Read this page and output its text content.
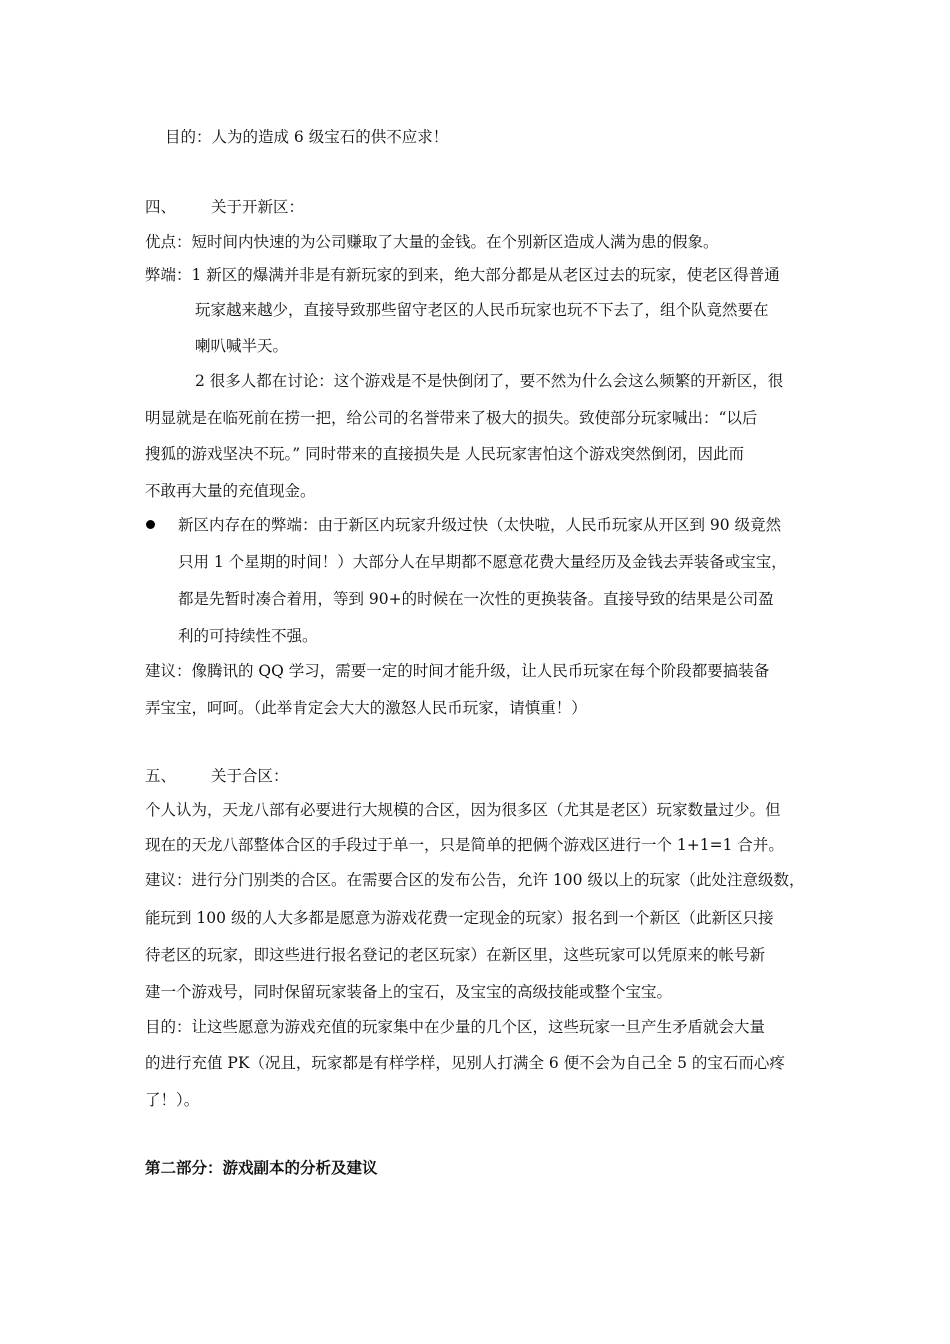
目的：人为的造成 6 级宝石的供不应求！
四、 关于开新区：
优点：短时间内快速的为公司赚取了大量的金钱。在个别新区造成人满为患的假象。
弊端：1 新区的爆满并非是有新玩家的到来，绝大部分都是从老区过去的玩家，使老区得普通
玩家越来越少，直接导致那些留守老区的人民币玩家也玩不下去了，组个队竟然要在
喇叭喊半天。
2 很多人都在讨论：这个游戏是不是快倒闭了，要不然为什么会这么频繁的开新区，很
明显就是在临死前在捞一把，给公司的名誉带来了极大的损失。致使部分玩家喊出：“以后
搜狐的游戏坚决不玩。” 同时带来的直接损失是 人民玩家害怕这个游戏突然倒闭，因此而
不敢再大量的充值现金。
新区内存在的弊端：由于新区内玩家升级过快（太快啦，人民币玩家从开区到 90 级竟然
只用 1 个星期的时间！）大部分人在早期都不愿意花费大量经历及金钱去弄装备或宝宝，
都是先暂时凑合着用，等到 90+的时候在一次性的更换装备。直接导致的结果是公司盈
利的可持续性不强。
建议：像腾讯的 QQ 学习，需要一定的时间才能升级，让人民币玩家在每个阶段都要搞装备
弄宝宝，呵呵。（此举肯定会大大的激怒人民币玩家，请慎重！）
五、 关于合区：
个人认为，天龙八部有必要进行大规模的合区，因为很多区（尤其是老区）玩家数量过少。但
现在的天龙八部整体合区的手段过于单一，只是简单的把俩个游戏区进行一个 1+1=1 合并。
建议：进行分门别类的合区。在需要合区的发布公告，允许 100 级以上的玩家（此处注意级数，
能玩到 100 级的人大多都是愿意为游戏花费一定现金的玩家）报名到一个新区（此新区只接
待老区的玩家，即这些进行报名登记的老区玩家）在新区里，这些玩家可以凭原来的帐号新
建一个游戏号，同时保留玩家装备上的宝石，及宝宝的高级技能或整个宝宝。
目的：让这些愿意为游戏充值的玩家集中在少量的几个区，这些玩家一旦产生矛盾就会大量
的进行充值 PK（况且，玩家都是有样学样，见别人打满全 6 便不会为自己全 5 的宝石而心疼
了！）。
第二部分：游戏副本的分析及建议
